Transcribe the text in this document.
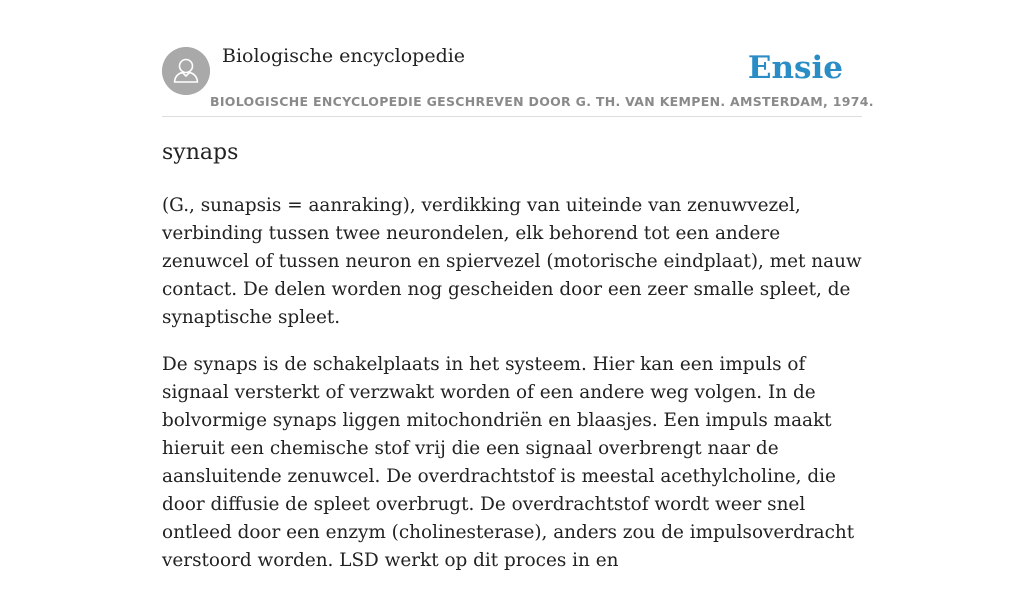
Biologische encyclopedie	Ensie
BIOLOGISCHE ENCYCLOPEDIE GESCHREVEN DOOR G. TH. VAN KEMPEN. AMSTERDAM, 1974.
synaps

(G., sunapsis = aanraking), verdikking van uiteinde van zenuwvezel, verbinding tussen twee neurondelen, elk behorend tot een andere zenuwcel of tussen neuron en spiervezel (motorische eindplaat), met nauw contact. De delen worden nog gescheiden door een zeer smalle spleet, de synaptische spleet.

De synaps is de schakelplaats in het systeem. Hier kan een impuls of signaal versterkt of verzwakt worden of een andere weg volgen. In de bolvormige synaps liggen mitochondriën en blaasjes. Een impuls maakt hieruit een chemische stof vrij die een signaal overbrengt naar de aansluitende zenuwcel. De overdrachtstof is meestal acethylcholine, die door diffusie de spleet overbrugt. De overdrachtstof wordt weer snel ontleed door een enzym (cholinesterase), anders zou de impulsoverdracht verstoord worden. LSD werkt op dit proces in en
